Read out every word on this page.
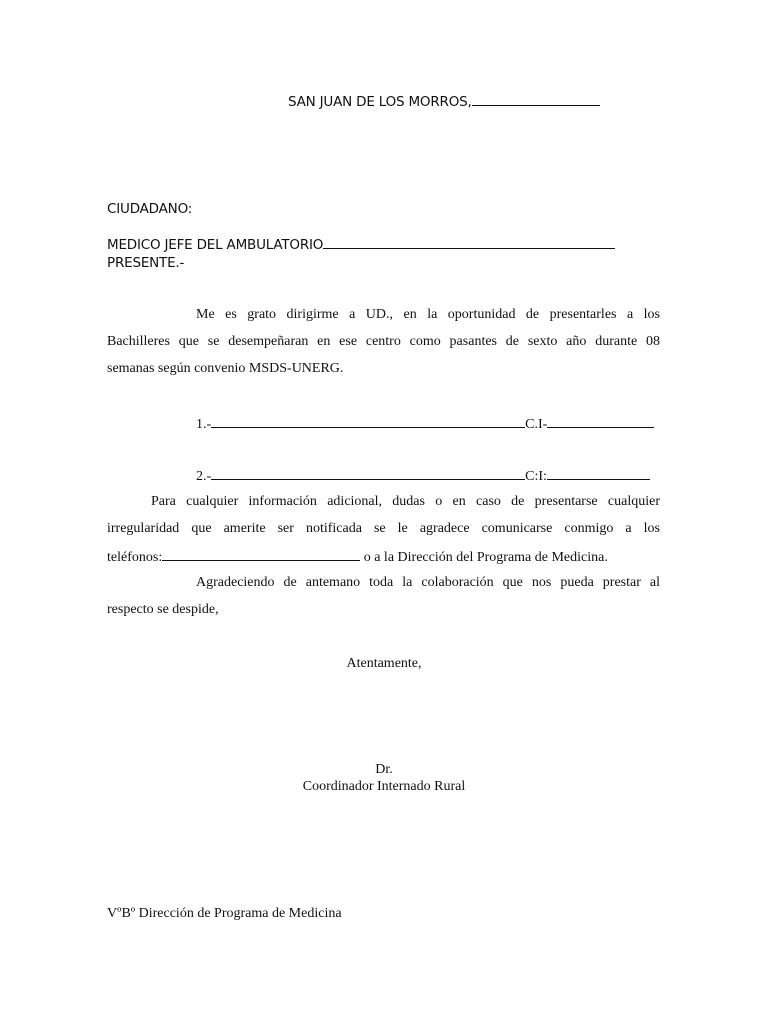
SAN JUAN DE LOS MORROS,
CIUDADANO:
MEDICO JEFE DEL AMBULATORIO
PRESENTE.-
Me es grato dirigirme a UD., en la oportunidad de presentarles a los
Bachilleres que se desempeñaran en ese centro como pasantes de sexto año durante 08
semanas según convenio MSDS-UNERG.
1.-	C.I-
2.-	C:I:
Para cualquier información adicional, dudas o en caso de presentarse cualquier
irregularidad que amerite ser notificada se le agradece comunicarse conmigo a los
teléfonos:	o a la Dirección del Programa de Medicina.
Agradeciendo de antemano toda la colaboración que nos pueda prestar al
respecto se despide,
Atentamente,
Dr.
Coordinador Internado Rural
VºBº Dirección de Programa de Medicina
